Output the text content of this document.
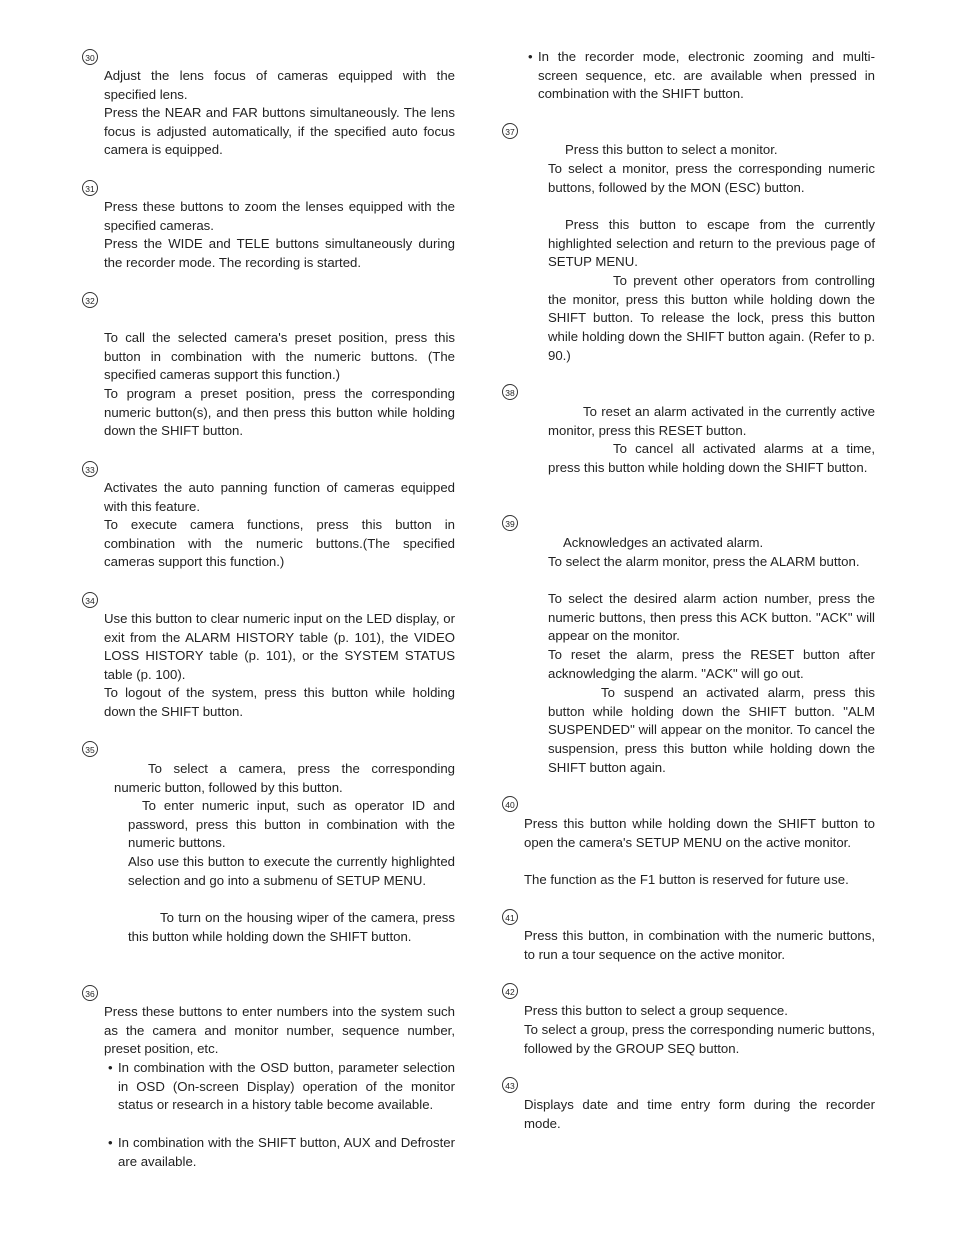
30
Adjust the lens focus of cameras equipped with the specified lens.
Press the NEAR and FAR buttons simultaneously. The lens focus is adjusted automatically, if the specified auto focus camera is equipped.
31
Press these buttons to zoom the lenses equipped with the specified cameras.
Press the WIDE and TELE buttons simultaneously during the recorder mode. The recording is started.
32
To call the selected camera's preset position, press this button in combination with the numeric buttons. (The specified cameras support this function.)
To program a preset position, press the corresponding numeric button(s), and then press this button while holding down the SHIFT button.
33
Activates the auto panning function of cameras equipped with this feature.
To execute camera functions, press this button in combination with the numeric buttons.(The specified cameras support this function.)
34
Use this button to clear numeric input on the LED display, or exit from the ALARM HISTORY table (p. 101), the VIDEO LOSS HISTORY table (p. 101), or the SYSTEM STATUS table (p. 100).
To logout of the system, press this button while holding down the SHIFT button.
35
To select a camera, press the corresponding numeric button, followed by this button.
To enter numeric input, such as operator ID and password, press this button in combination with the numeric buttons.
Also use this button to execute the currently highlighted selection and go into a submenu of SETUP MENU.
To turn on the housing wiper of the camera, press this button while holding down the SHIFT button.
36
Press these buttons to enter numbers into the system such as the camera and monitor number, sequence number, preset position, etc.
• In combination with the OSD button, parameter selection in OSD (On-screen Display) operation of the monitor status or research in a history table become available.
• In combination with the SHIFT button, AUX and Defroster are available.
• In the recorder mode, electronic zooming and multi-screen sequence, etc. are available when pressed in combination with the SHIFT button.
37
Press this button to select a monitor.
To select a monitor, press the corresponding numeric buttons, followed by the MON (ESC) button.
Press this button to escape from the currently highlighted selection and return to the previous page of SETUP MENU.
To prevent other operators from controlling the monitor, press this button while holding down the SHIFT button. To release the lock, press this button while holding down the SHIFT button again. (Refer to p. 90.)
38
To reset an alarm activated in the currently active monitor, press this RESET button.
To cancel all activated alarms at a time, press this button while holding down the SHIFT button.
39
Acknowledges an activated alarm.
To select the alarm monitor, press the ALARM button.
To select the desired alarm action number, press the numeric buttons, then press this ACK button. "ACK" will appear on the monitor.
To reset the alarm, press the RESET button after acknowledging the alarm. "ACK" will go out.
To suspend an activated alarm, press this button while holding down the SHIFT button. "ALM SUSPENDED" will appear on the monitor. To cancel the suspension, press this button while holding down the SHIFT button again.
40
Press this button while holding down the SHIFT button to open the camera's SETUP MENU on the active monitor.
The function as the F1 button is reserved for future use.
41
Press this button, in combination with the numeric buttons, to run a tour sequence on the active monitor.
42
Press this button to select a group sequence.
To select a group, press the corresponding numeric buttons, followed by the GROUP SEQ button.
43
Displays date and time entry form during the recorder mode.
